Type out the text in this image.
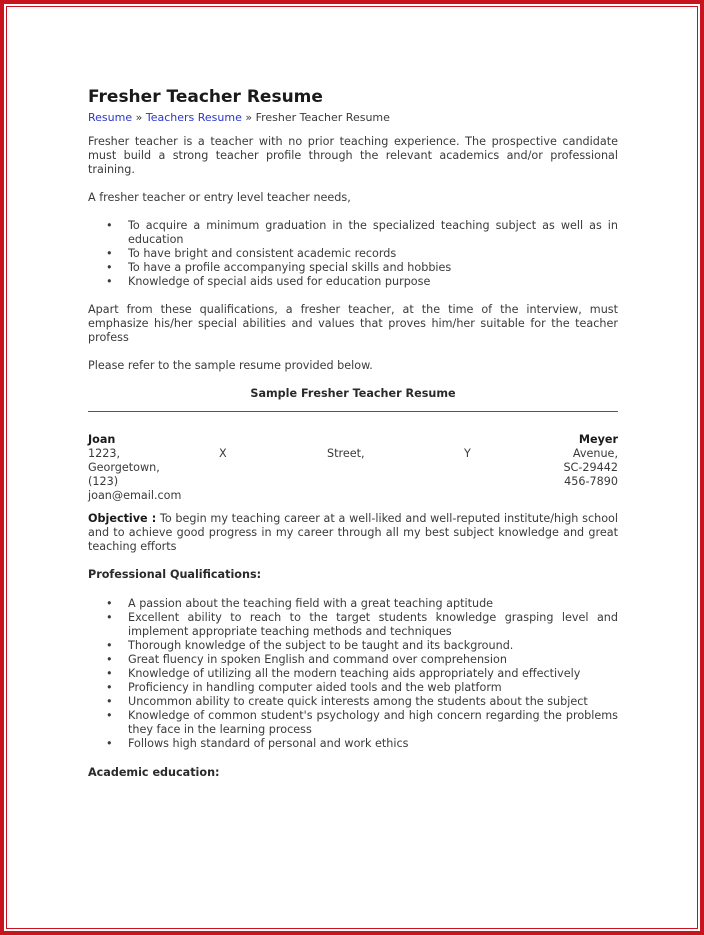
Fresher Teacher Resume
Resume » Teachers Resume » Fresher Teacher Resume

Fresher teacher is a teacher with no prior teaching experience. The prospective candidate must build a strong teacher profile through the relevant academics and/or professional training.

A fresher teacher or entry level teacher needs,

• To acquire a minimum graduation in the specialized teaching subject as well as in education
• To have bright and consistent academic records
• To have a profile accompanying special skills and hobbies
• Knowledge of special aids used for education purpose

Apart from these qualifications, a fresher teacher, at the time of the interview, must emphasize his/her special abilities and values that proves him/her suitable for the teacher profess

Please refer to the sample resume provided below.

Sample Fresher Teacher Resume
Joan	Meyer
1223,	X	Street,	Y	Avenue,
Georgetown,	SC-29442
(123)	456-7890
joan@email.com

Objective : To begin my teaching career at a well-liked and well-reputed institute/high school and to achieve good progress in my career through all my best subject knowledge and great teaching efforts

Professional Qualifications:
• A passion about the teaching field with a great teaching aptitude
• Excellent ability to reach to the target students knowledge grasping level and implement appropriate teaching methods and techniques
• Thorough knowledge of the subject to be taught and its background.
• Great fluency in spoken English and command over comprehension
• Knowledge of utilizing all the modern teaching aids appropriately and effectively
• Proficiency in handling computer aided tools and the web platform
• Uncommon ability to create quick interests among the students about the subject
• Knowledge of common student's psychology and high concern regarding the problems they face in the learning process
• Follows high standard of personal and work ethics
Academic education:
